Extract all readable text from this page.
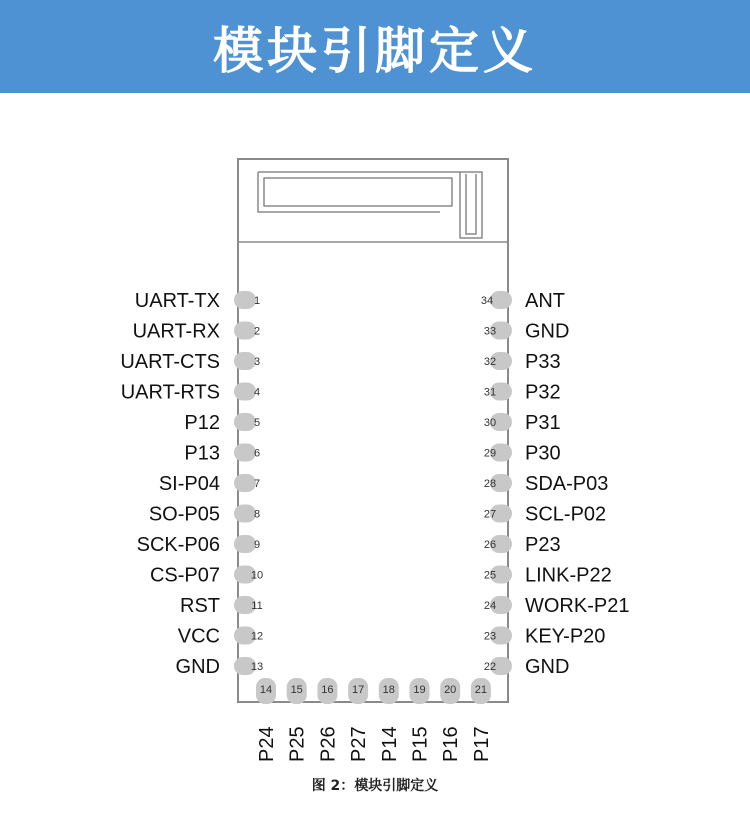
模块引脚定义
1
UART-TX
2
UART-RX
3
UART-CTS
4
UART-RTS
5
P12
6
P13
7
SI-P04
8
SO-P05
9
SCK-P06
10
CS-P07
11
RST
12
VCC
13
GND
34 ANT
33 GND
32 P33
31 P32
30 P31
29 P30
28 SDA-P03
27 SCL-P02
26 P23
25 LINK-P22
24 WORK-P21
23 KEY-P20
22 GND
14
P24
15
P25
16
P26
17
P27
18
P14
19
P15
20
P16
21
P17
图 2：模块引脚定义
